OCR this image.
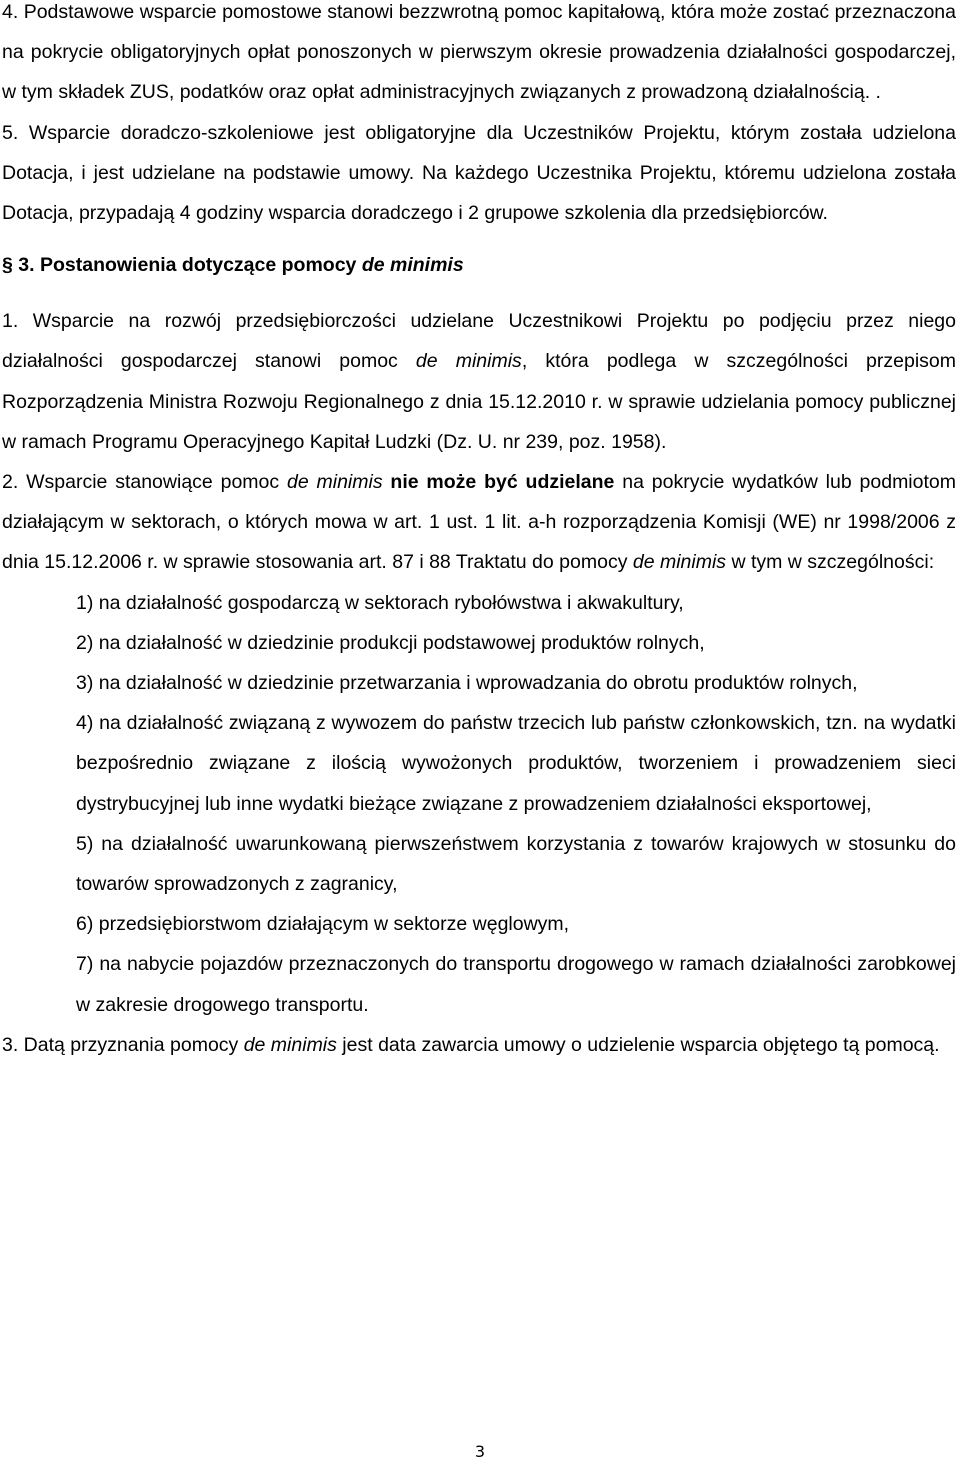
4. Podstawowe wsparcie pomostowe stanowi bezzwrotną pomoc kapitałową, która może zostać przeznaczona na pokrycie obligatoryjnych opłat ponoszonych w pierwszym okresie prowadzenia działalności gospodarczej, w tym składek ZUS, podatków oraz opłat administracyjnych związanych z prowadzoną działalnością. .

5. Wsparcie doradczo-szkoleniowe jest obligatoryjne dla Uczestników Projektu, którym została udzielona Dotacja, i jest udzielane na podstawie umowy. Na każdego Uczestnika Projektu, któremu udzielona została Dotacja, przypadają 4 godziny wsparcia doradczego i 2 grupowe szkolenia dla przedsiębiorców.

§ 3. Postanowienia dotyczące pomocy de minimis

1. Wsparcie na rozwój przedsiębiorczości udzielane Uczestnikowi Projektu po podjęciu przez niego działalności gospodarczej stanowi pomoc de minimis, która podlega w szczególności przepisom Rozporządzenia Ministra Rozwoju Regionalnego z dnia 15.12.2010 r. w sprawie udzielania pomocy publicznej w ramach Programu Operacyjnego Kapitał Ludzki (Dz. U. nr 239, poz. 1958).

2. Wsparcie stanowiące pomoc de minimis nie może być udzielane na pokrycie wydatków lub podmiotom działającym w sektorach, o których mowa w art. 1 ust. 1 lit. a-h rozporządzenia Komisji (WE) nr 1998/2006 z dnia 15.12.2006 r. w sprawie stosowania art. 87 i 88 Traktatu do pomocy de minimis w tym w szczególności:

1) na działalność gospodarczą w sektorach rybołówstwa i akwakultury,

2) na działalność w dziedzinie produkcji podstawowej produktów rolnych,

3) na działalność w dziedzinie przetwarzania i wprowadzania do obrotu produktów rolnych,

4) na działalność związaną z wywozem do państw trzecich lub państw członkowskich, tzn. na wydatki bezpośrednio związane z ilością wywożonych produktów, tworzeniem i prowadzeniem sieci dystrybucyjnej lub inne wydatki bieżące związane z prowadzeniem działalności eksportowej,

5) na działalność uwarunkowaną pierwszeństwem korzystania z towarów krajowych w stosunku do towarów sprowadzonych z zagranicy,

6) przedsiębiorstwom działającym w sektorze węglowym,

7) na nabycie pojazdów przeznaczonych do transportu drogowego w ramach działalności zarobkowej w zakresie drogowego transportu.

3. Datą przyznania pomocy de minimis jest data zawarcia umowy o udzielenie wsparcia objętego tą pomocą.

3
